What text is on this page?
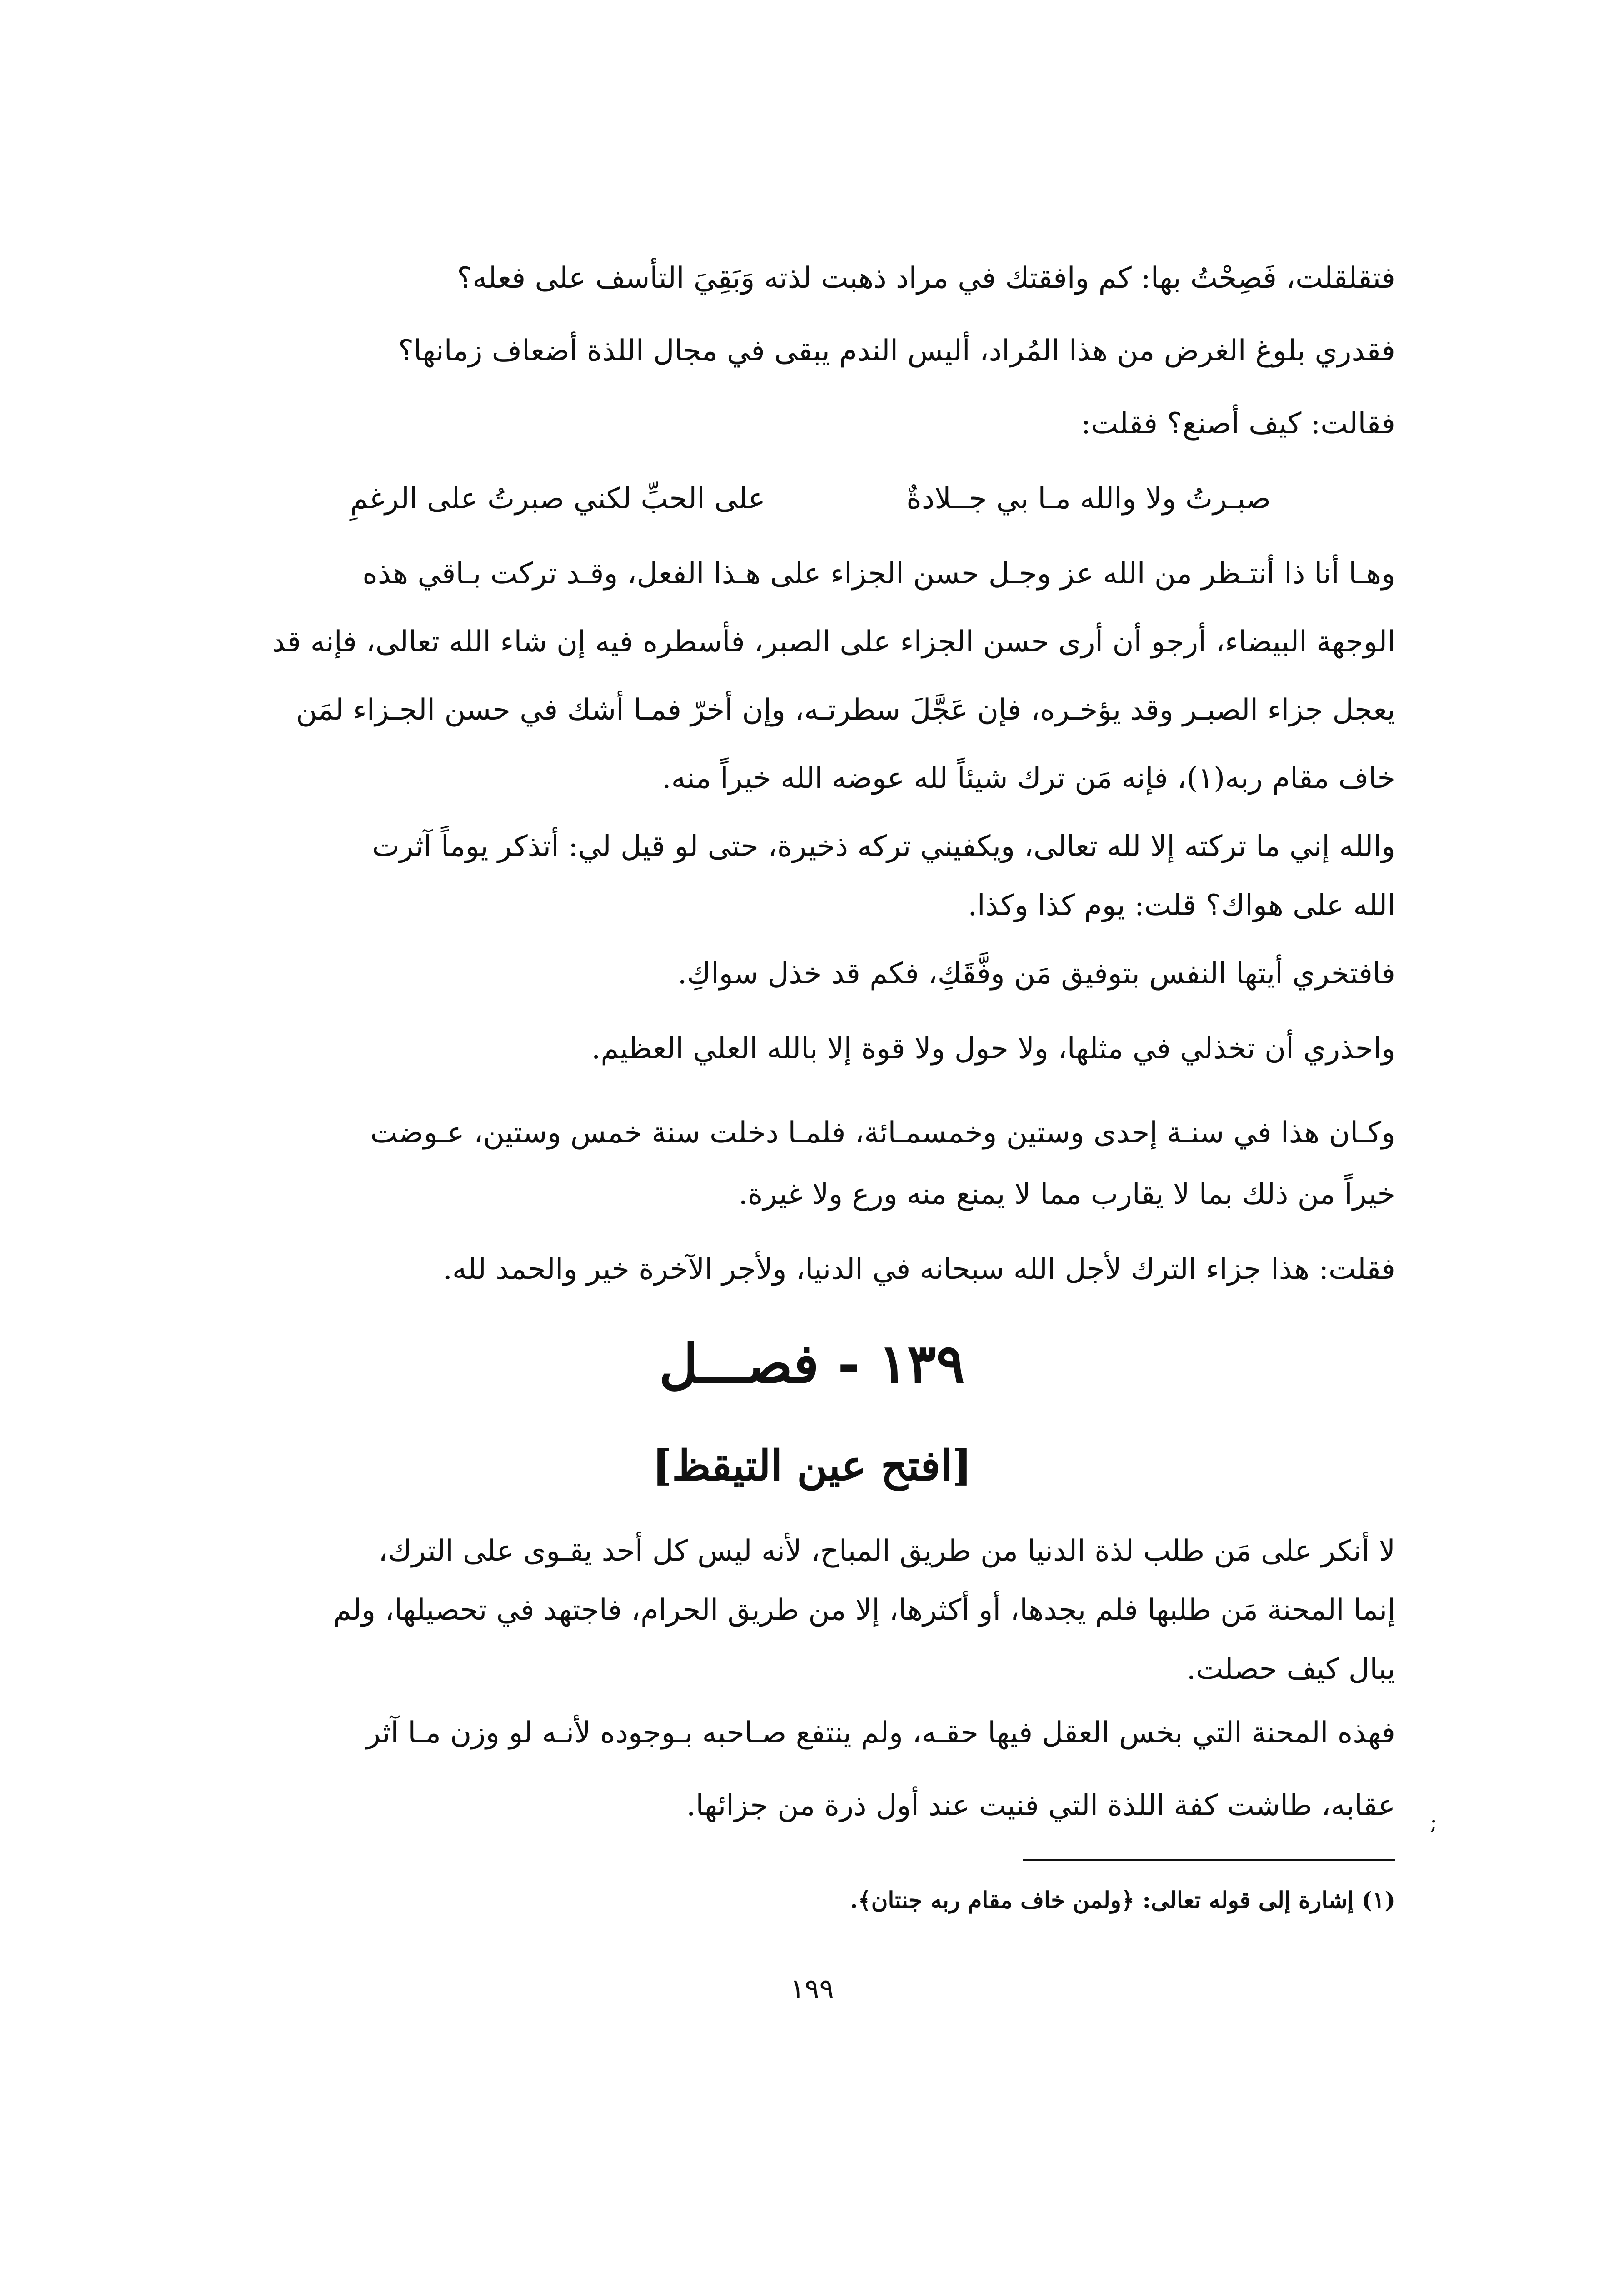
فتقلقلت، فَصِحْتُ بها: كم وافقتك في مراد ذهبت لذته وَبَقِيَ التأسف على فعله؟
فقدري بلوغ الغرض من هذا المُراد، أليس الندم يبقى في مجال اللذة أضعاف زمانها؟
فقالت: كيف أصنع؟ فقلت:
صبـرتُ ولا والله مـا بي جــلادةٌ
على الحبِّ لكني صبرتُ على الرغمِ
وهـا أنا ذا أنتـظر من الله عز وجـل حسن الجزاء على هـذا الفعل، وقـد تركت بـاقي هذه
الوجهة البيضاء، أرجو أن أرى حسن الجزاء على الصبر، فأسطره فيه إن شاء الله تعالى، فإنه قد
يعجل جزاء الصبـر وقد يؤخـره، فإن عَجَّلَ سطرتـه، وإن أخرّ فمـا أشك في حسن الجـزاء لمَن
خاف مقام ربه(١)، فإنه مَن ترك شيئاً لله عوضه الله خيراً منه.
والله إني ما تركته إلا لله تعالى، ويكفيني تركه ذخيرة، حتى لو قيل لي: أتذكر يوماً آثرت
الله على هواك؟ قلت: يوم كذا وكذا.
فافتخري أيتها النفس بتوفيق مَن وفَّقَكِ، فكم قد خذل سواكِ.
واحذري أن تخذلي في مثلها، ولا حول ولا قوة إلا بالله العلي العظيم.
وكـان هذا في سنـة إحدى وستين وخمسمـائة، فلمـا دخلت سنة خمس وستين، عـوضت
خيراً من ذلك بما لا يقارب مما لا يمنع منه ورع ولا غيرة.
فقلت: هذا جزاء الترك لأجل الله سبحانه في الدنيا، ولأجر الآخرة خير والحمد لله.
١٣٩ - فصـــل
[افتح عين التيقظ]
لا أنكر على مَن طلب لذة الدنيا من طريق المباح، لأنه ليس كل أحد يقـوى على الترك،
إنما المحنة مَن طلبها فلم يجدها، أو أكثرها، إلا من طريق الحرام، فاجتهد في تحصيلها، ولم
يبال كيف حصلت.
فهذه المحنة التي بخس العقل فيها حقـه، ولم ينتفع صـاحبه بـوجوده لأنـه لو وزن مـا آثر
عقابه، طاشت كفة اللذة التي فنيت عند أول ذرة من جزائها. ;
(١) إشارة إلى قوله تعالى: ﴿ولمن خاف مقام ربه جنتان﴾.
١٩٩
